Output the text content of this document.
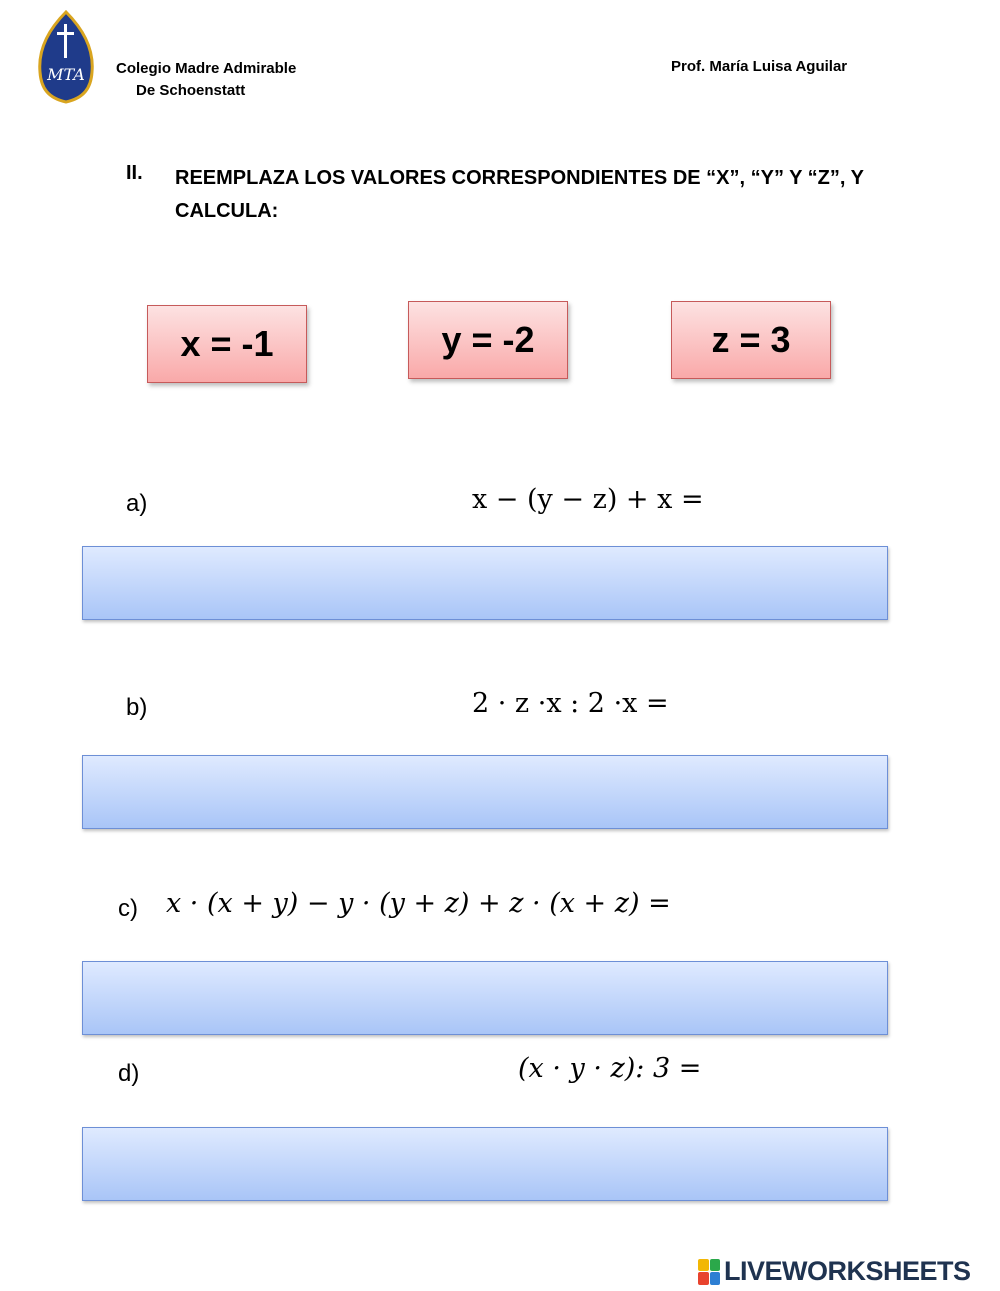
MTA Colegio Madre Admirable
De Schoenstatt
Prof. María Luisa Aguilar
II. REEMPLAZA LOS VALORES CORRESPONDIENTES DE “X”, “Y” Y “Z”, Y CALCULA:
x = -1	y = -2	z = 3
a)	x − (y − z) + x =
b)	2 · z ·x : 2 ·x =
c) x · (x + y) − y · (y + z) + z · (x + z) =
d)	(x · y · z): 3 =
LIVEWORKSHEETS
